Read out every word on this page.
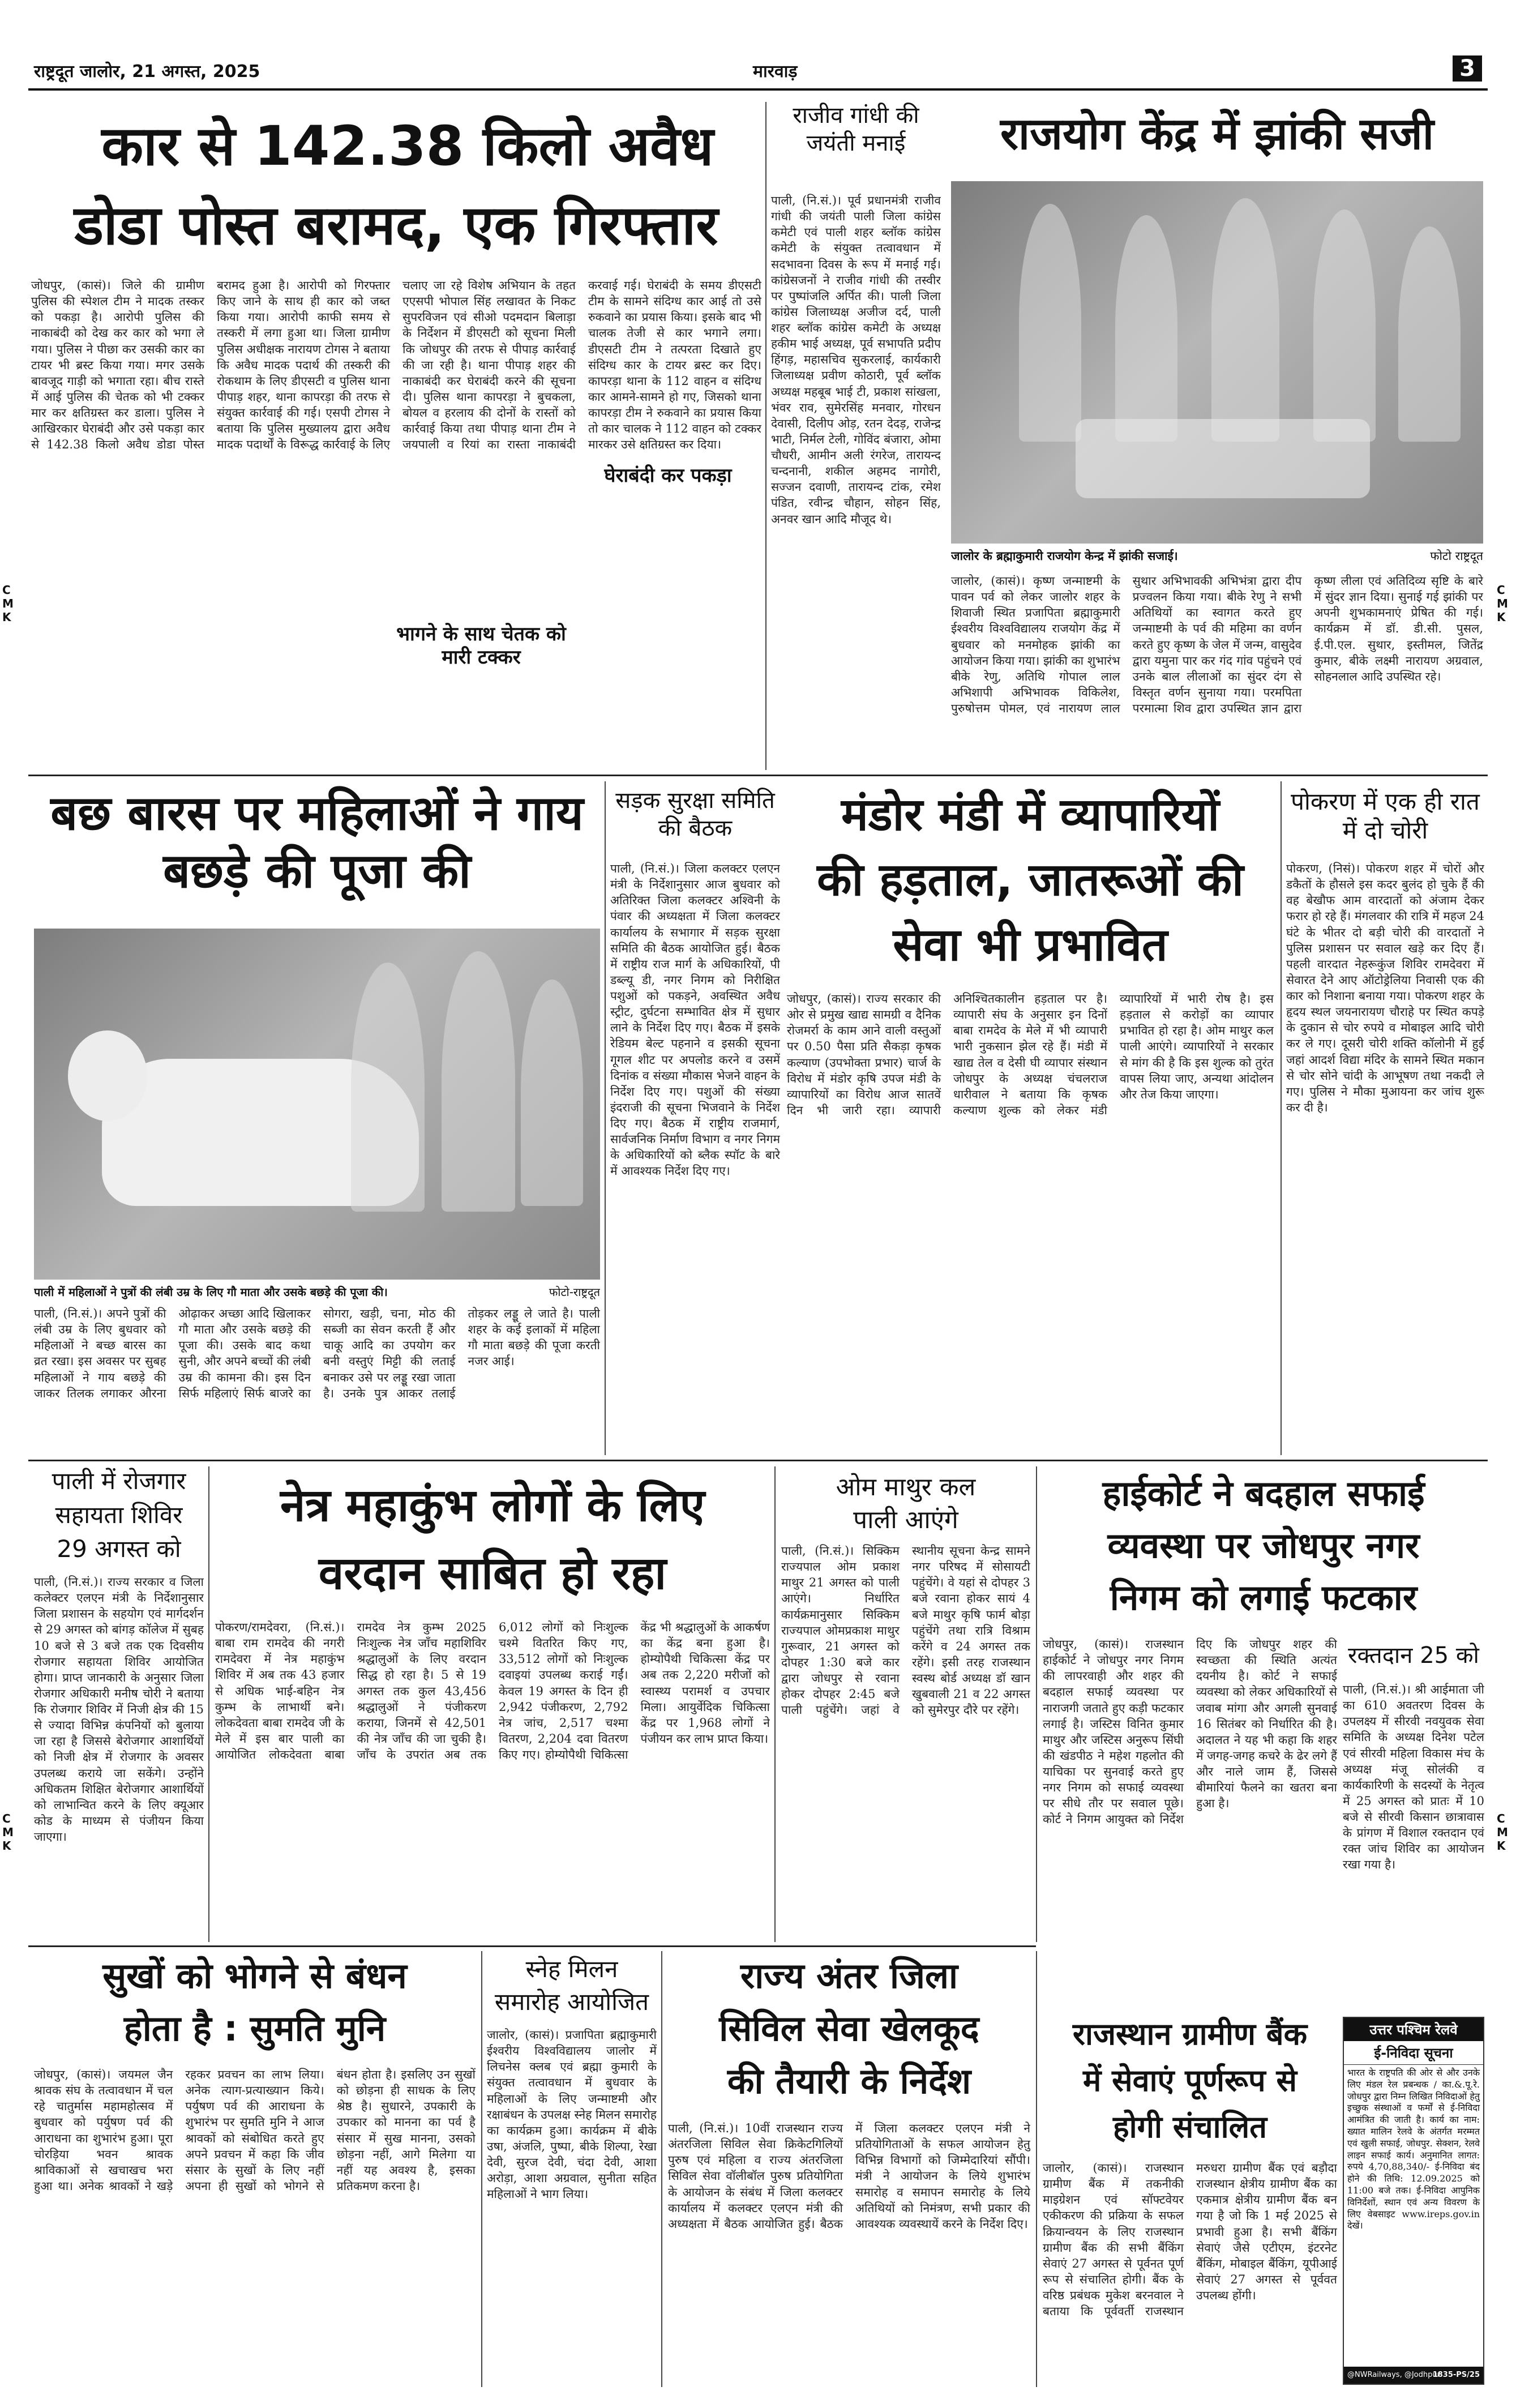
राष्ट्रदूत जालोर, 21 अगस्त, 2025	मारवाड़	3
CMK
CMK
CMK
CMK
कार से 142.38 किलो अवैध
डोडा पोस्त बरामद, एक गिरफ्तार
जोधपुर, (कासं)। जिले की ग्रामीण पुलिस की स्पेशल टीम ने मादक तस्कर को पकड़ा है। आरोपी पुलिस की नाकाबंदी को देख कर कार को भगा ले गया। पुलिस ने पीछा कर उसकी कार का टायर भी ब्रस्ट किया गया। मगर उसके बावजूद गाड़ी को भगाता रहा। बीच रास्ते में आई पुलिस की चेतक को भी टक्कर मार कर क्षतिग्रस्त कर डाला। पुलिस ने आखिरकार घेराबंदी और उसे पकड़ा कार से 142.38 किलो अवैध डोडा पोस्त बरामद हुआ है। आरोपी को गिरफ्तार किए जाने के साथ ही कार को जब्त किया गया। आरोपी काफी समय से तस्करी में लगा हुआ था। जिला ग्रामीण पुलिस अधीक्षक नारायण टोगस ने बताया कि अवैध मादक पदार्थ की तस्करी की रोकथाम के लिए डीएसटी व पुलिस थाना पीपाड़ शहर, थाना कापरड़ा की तरफ से संयुक्त कार्रवाई की गई। एसपी टोगस ने बताया कि पुलिस मुख्यालय द्वारा अवैध मादक पदार्थों के विरूद्ध कार्रवाई के लिए चलाए जा रहे विशेष अभियान के तहत एएसपी भोपाल सिंह लखावत के निकट सुपरविजन एवं सीओ पदमदान बिलाड़ा के निर्देशन में डीएसटी को सूचना मिली कि जोधपुर की तरफ से पीपाड़ कार्रवाई की जा रही है। थाना पीपाड़ शहर की नाकाबंदी कर घेराबंदी करने की सूचना दी। पुलिस थाना कापरड़ा ने बुचकला, बोयल व हरलाय की दोनों के रास्तों को कार्रवाई किया तथा पीपाड़ थाना टीम ने जयपाली व रियां का रास्ता नाकाबंदी करवाई गई। घेराबंदी के समय डीएसटी टीम के सामने संदिग्ध कार आई तो उसे रुकवाने का प्रयास किया। इसके बाद भी चालक तेजी से कार भगाने लगा। डीएसटी टीम ने तत्परता दिखाते हुए संदिग्ध कार के टायर ब्रस्ट कर दिए। कापरड़ा थाना के 112 वाहन व संदिग्ध कार आमने-सामने हो गए, जिसको थाना कापरड़ा टीम ने रुकवाने का प्रयास किया तो कार चालक ने 112 वाहन को टक्कर मारकर उसे क्षतिग्रस्त कर दिया।
भागने के साथ चेतक को मारी टक्कर
घेराबंदी कर पकड़ा
राजीव गांधी की जयंती मनाई
पाली, (नि.सं.)। पूर्व प्रधानमंत्री राजीव गांधी की जयंती पाली जिला कांग्रेस कमेटी एवं पाली शहर ब्लॉक कांग्रेस कमेटी के संयुक्त तत्वावधान में सदभावना दिवस के रूप में मनाई गई। कांग्रेसजनों ने राजीव गांधी की तस्वीर पर पुष्पांजलि अर्पित की। पाली जिला कांग्रेस जिलाध्यक्ष अजीज दर्द, पाली शहर ब्लॉक कांग्रेस कमेटी के अध्यक्ष हकीम भाई अध्यक्ष, पूर्व सभापति प्रदीप हिंगड़, महासचिव सुकरलाई, कार्यकारी जिलाध्यक्ष प्रवीण कोठारी, पूर्व ब्लॉक अध्यक्ष महबूब भाई टी, प्रकाश सांखला, भंवर राव, सुमेरसिंह मनवार, गोरधन देवासी, दिलीप ओड़, रतन देदड़, राजेन्द्र भाटी, निर्मल टेली, गोविंद बंजारा, ओमा चौधरी, आमीन अली रंगरेज, तारायन्द चन्दनानी, शकील अहमद नागोरी, सज्जन दवाणी, तारायन्द टांक, रमेश पंडित, रवीन्द्र चौहान, सोहन सिंह, अनवर खान आदि मौजूद थे।
राजयोग केंद्र में झांकी सजी
जालोर के ब्रह्माकुमारी राजयोग केन्द्र में झांकी सजाई।	फोटो राष्ट्रदूत
जालोर, (कासं)। कृष्ण जन्माष्टमी के पावन पर्व को लेकर जालोर शहर के शिवाजी स्थित प्रजापिता ब्रह्माकुमारी ईश्वरीय विश्वविद्यालय राजयोग केंद्र में बुधवार को मनमोहक झांकी का आयोजन किया गया। झांकी का शुभारंभ बीके रेणु, अतिथि गोपाल लाल अभिशापी अभिभावक विकिलेश, पुरुषोत्तम पोमल, एवं नारायण लाल सुथार अभिभावकी अभिभंत्रा द्वारा दीप प्रज्वलन किया गया। बीके रेणु ने सभी अतिथियों का स्वागत करते हुए जन्माष्टमी के पर्व की महिमा का वर्णन करते हुए कृष्ण के जेल में जन्म, वासुदेव द्वारा यमुना पार कर गंद गांव पहुंचने एवं उनके बाल लीलाओं का सुंदर दंग से विस्तृत वर्णन सुनाया गया। परमपिता परमात्मा शिव द्वारा उपस्थित ज्ञान द्वारा कृष्ण लीला एवं अतिदिव्य सृष्टि के बारे में सुंदर ज्ञान दिया। सुनाई गई झांकी पर अपनी शुभकामनाएं प्रेषित की गई। कार्यक्रम में डॉ. डी.सी. पुसल, ई.पी.एल. सुथार, इस्तीमल, जितेंद्र कुमार, बीके लक्ष्मी नारायण अग्रवाल, सोहनलाल आदि उपस्थित रहे।
बछ बारस पर महिलाओं ने गाय बछड़े की पूजा की
पाली में महिलाओं ने पुत्रों की लंबी उम्र के लिए गौ माता और उसके बछड़े की पूजा की।	फोटो-राष्ट्रदूत
पाली, (नि.सं.)। अपने पुत्रों की लंबी उम्र के लिए बुधवार को महिलाओं ने बच्छ बारस का व्रत रखा। इस अवसर पर सुबह महिलाओं ने गाय बछड़े की जाकर तिलक लगाकर औरना ओढ़ाकर अच्छा आदि खिलाकर गौ माता और उसके बछड़े की पूजा की। उसके बाद कथा सुनी, और अपने बच्चों की लंबी उम्र की कामना की। इस दिन सिर्फ महिलाएं सिर्फ बाजरे का सोगरा, खड़ी, चना, मोठ की सब्जी का सेवन करती हैं और चाकू आदि का उपयोग कर बनी वस्तुएं मिट्टी की लताई बनाकर उसे पर लड्डू रखा जाता है। उनके पुत्र आकर तलाई तोड़कर लड्डू ले जाते है। पाली शहर के कई इलाकों में महिला गौ माता बछड़े की पूजा करती नजर आई।
सड़क सुरक्षा समिति की बैठक
पाली, (नि.सं.)। जिला कलक्टर एलएन मंत्री के निर्देशानुसार आज बुधवार को अतिरिक्त जिला कलक्टर अश्विनी के पंवार की अध्यक्षता में जिला कलक्टर कार्यालय के सभागार में सड़क सुरक्षा समिति की बैठक आयोजित हुई। बैठक में राष्ट्रीय राज मार्ग के अधिकारियों, पी डब्ल्यू डी, नगर निगम को निरीक्षित पशुओं को पकड़ने, अवस्थित अवैध स्ट्रीट, दुर्घटना सम्भावित क्षेत्र में सुधार लाने के निर्देश दिए गए। बैठक में इसके रेडियम बेल्ट पहनाने व इसकी सूचना गूगल शीट पर अपलोड करने व उसमें दिनांक व संख्या मौकास भेजने वाहन के निर्देश दिए गए। पशुओं की संख्या इंदराजी की सूचना भिजवाने के निर्देश दिए गए। बैठक में राष्ट्रीय राजमार्ग, सार्वजनिक निर्माण विभाग व नगर निगम के अधिकारियों को ब्लैक स्पॉट के बारे में आवश्यक निर्देश दिए गए।
मंडोर मंडी में व्यापारियों
की हड़ताल, जातरूओं की
सेवा भी प्रभावित
जोधपुर, (कासं)। राज्य सरकार की ओर से प्रमुख खाद्य सामग्री व दैनिक रोजमर्रा के काम आने वाली वस्तुओं पर 0.50 पैसा प्रति सैकड़ा कृषक कल्याण (उपभोक्ता प्रभार) चार्ज के विरोध में मंडोर कृषि उपज मंडी के व्यापारियों का विरोध आज सातवें दिन भी जारी रहा। व्यापारी अनिश्चितकालीन हड़ताल पर है। व्यापारी संघ के अनुसार इन दिनों बाबा रामदेव के मेले में भी व्यापारी भारी नुकसान झेल रहे हैं। मंडी में खाद्य तेल व देसी घी व्यापार संस्थान जोधपुर के अध्यक्ष चंचलराज धारीवाल ने बताया कि कृषक कल्याण शुल्क को लेकर मंडी व्यापारियों में भारी रोष है। इस हड़ताल से करोड़ों का व्यापार प्रभावित हो रहा है। ओम माथुर कल पाली आएंगे। व्यापारियों ने सरकार से मांग की है कि इस शुल्क को तुरंत वापस लिया जाए, अन्यथा आंदोलन और तेज किया जाएगा।
पोकरण में एक ही रात में दो चोरी
पोकरण, (निसं)। पोकरण शहर में चोरों और डकैतों के हौसले इस कदर बुलंद हो चुके हैं की वह बेखौफ आम वारदातों को अंजाम देकर फरार हो रहे हैं। मंगलवार की रात्रि में महज 24 घंटे के भीतर दो बड़ी चोरी की वारदातों ने पुलिस प्रशासन पर सवाल खड़े कर दिए हैं। पहली वारदात नेहरूकुंज शिविर रामदेवरा में सेवारत देने आए ऑटोड्रेलिया निवासी एक की कार को निशाना बनाया गया। पोकरण शहर के हृदय स्थल जयनारायण चौराहे पर स्थित कपड़े के दुकान से चोर रुपये व मोबाइल आदि चोरी कर ले गए। दूसरी चोरी शक्ति कॉलोनी में हुई जहां आदर्श विद्या मंदिर के सामने स्थित मकान से चोर सोने चांदी के आभूषण तथा नकदी ले गए। पुलिस ने मौका मुआयना कर जांच शुरू कर दी है।
पाली में रोजगार
सहायता शिविर
29 अगस्त को
पाली, (नि.सं.)। राज्य सरकार व जिला कलेक्टर एलएन मंत्री के निर्देशानुसार जिला प्रशासन के सहयोग एवं मार्गदर्शन से 29 अगस्त को बांगड़ कॉलेज में सुबह 10 बजे से 3 बजे तक एक दिवसीय रोजगार सहायता शिविर आयोजित होगा। प्राप्त जानकारी के अनुसार जिला रोजगार अधिकारी मनीष चोरी ने बताया कि रोजगार शिविर में निजी क्षेत्र की 15 से ज्यादा विभिन्न कंपनियों को बुलाया जा रहा है जिससे बेरोजगार आशार्थियों को निजी क्षेत्र में रोजगार के अवसर उपलब्ध कराये जा सकेंगे। उन्होंने अधिकतम शिक्षित बेरोजगार आशार्थियों को लाभान्वित करने के लिए क्यूआर कोड के माध्यम से पंजीयन किया जाएगा।
नेत्र महाकुंभ लोगों के लिए
वरदान साबित हो रहा
पोकरण/रामदेवरा, (नि.सं.)। बाबा राम रामदेव की नगरी रामदेवरा में नेत्र महाकुंभ शिविर में अब तक 43 हजार से अधिक भाई-बहिन नेत्र कुम्भ के लाभार्थी बने। लोकदेवता बाबा रामदेव जी के मेले में इस बार पाली का आयोजित लोकदेवता बाबा रामदेव नेत्र कुम्भ 2025 निःशुल्क नेत्र जाँच महाशिविर श्रद्धालुओं के लिए वरदान सिद्ध हो रहा है। 5 से 19 अगस्त तक कुल 43,456 श्रद्धालुओं ने पंजीकरण कराया, जिनमें से 42,501 की नेत्र जाँच की जा चुकी है। जाँच के उपरांत अब तक 6,012 लोगों को निःशुल्क चश्मे वितरित किए गए, 33,512 लोगों को निःशुल्क दवाइयां उपलब्ध कराई गईं। केवल 19 अगस्त के दिन ही 2,942 पंजीकरण, 2,792 नेत्र जांच, 2,517 चश्मा वितरण, 2,204 दवा वितरण किए गए। होम्योपैथी चिकित्सा केंद्र भी श्रद्धालुओं के आकर्षण का केंद्र बना हुआ है। होम्योपैथी चिकित्सा केंद्र पर अब तक 2,220 मरीजों को स्वास्थ्य परामर्श व उपचार मिला। आयुर्वेदिक चिकित्सा केंद्र पर 1,968 लोगों ने पंजीयन कर लाभ प्राप्त किया।
ओम माथुर कल
पाली आएंगे
पाली, (नि.सं.)। सिक्किम राज्यपाल ओम प्रकाश माथुर 21 अगस्त को पाली आएंगे। निर्धारित कार्यक्रमानुसार सिक्किम राज्यपाल ओमप्रकाश माथुर गुरूवार, 21 अगस्त को दोपहर 1:30 बजे कार द्वारा जोधपुर से रवाना होकर दोपहर 2:45 बजे पाली पहुंचेंगे। जहां वे स्थानीय सूचना केन्द्र सामने नगर परिषद में सोसायटी पहुंचेंगे। वे यहां से दोपहर 3 बजे रवाना होकर सायं 4 बजे माथुर कृषि फार्म बोड़ा पहुंचेंगे तथा रात्रि विश्राम करेंगे व 24 अगस्त तक रहेंगे। इसी तरह राजस्थान स्वस्थ बोर्ड अध्यक्ष डॉ खान खुबवाली 21 व 22 अगस्त को सुमेरपुर दौरे पर रहेंगे।
हाईकोर्ट ने बदहाल सफाई
व्यवस्था पर जोधपुर नगर
निगम को लगाई फटकार
जोधपुर, (कासं)। राजस्थान हाईकोर्ट ने जोधपुर नगर निगम की लापरवाही और शहर की बदहाल सफाई व्यवस्था पर नाराजगी जताते हुए कड़ी फटकार लगाई है। जस्टिस विनित कुमार माथुर और जस्टिस अनुरूप सिंघी की खंडपीठ ने महेश गहलोत की याचिका पर सुनवाई करते हुए नगर निगम को सफाई व्यवस्था पर सीधे तौर पर सवाल पूछे। कोर्ट ने निगम आयुक्त को निर्देश दिए कि जोधपुर शहर की स्वच्छता की स्थिति अत्यंत दयनीय है। कोर्ट ने सफाई व्यवस्था को लेकर अधिकारियों से जवाब मांगा और अगली सुनवाई 16 सितंबर को निर्धारित की है। अदालत ने यह भी कहा कि शहर में जगह-जगह कचरे के ढेर लगे हैं और नाले जाम हैं, जिससे बीमारियां फैलने का खतरा बना हुआ है।
रक्तदान 25 को
पाली, (नि.सं.)। श्री आईमाता जी का 610 अवतरण दिवस के उपलक्ष्य में सीरवी नवयुवक सेवा समिति के अध्यक्ष दिनेश पटेल एवं सीरवी महिला विकास मंच के अध्यक्ष मंजू सोलंकी व कार्यकारिणी के सदस्यों के नेतृत्व में 25 अगस्त को प्रातः में 10 बजे से सीरवी किसान छात्रावास के प्रांगण में विशाल रक्तदान एवं रक्त जांच शिविर का आयोजन रखा गया है।
सुखों को भोगने से बंधन
होता है : सुमति मुनि
जोधपुर, (कासं)। जयमल जैन श्रावक संघ के तत्वावधान में चल रहे चातुर्मास महामहोत्सव में बुधवार को पर्युषण पर्व की आराधना का शुभारंभ हुआ। पूरा चोरड़िया भवन श्रावक श्राविकाओं से खचाखच भरा हुआ था। अनेक श्रावकों ने खड़े रहकर प्रवचन का लाभ लिया। अनेक त्याग-प्रत्याख्यान किये। पर्युषण पर्व की आराधना के शुभारंभ पर सुमति मुनि ने आज श्रावकों को संबोधित करते हुए अपने प्रवचन में कहा कि जीव संसार के सुखों के लिए नहीं अपना ही सुखों को भोगने से बंधन होता है। इसलिए उन सुखों को छोड़ना ही साधक के लिए श्रेष्ठ है। सुधारने, उपकारी के उपकार को मानना का पर्व है संसार में सुख मानना, उसको छोड़ना नहीं, आगे मिलेगा या नहीं यह अवश्य है, इसका प्रतिकमण करना है।
स्नेह मिलन
समारोह आयोजित
जालोर, (कासं)। प्रजापिता ब्रह्माकुमारी ईश्वरीय विश्वविद्यालय जालोर में लिचनेस क्लब एवं ब्रह्मा कुमारी के संयुक्त तत्वावधान में बुधवार के महिलाओं के लिए जन्माष्टमी और रक्षाबंधन के उपलक्ष स्नेह मिलन समारोह का कार्यक्रम हुआ। कार्यक्रम में बीके उषा, अंजलि, पुष्पा, बीके शिल्पा, रेखा देवी, सुरज देवी, चंदा देवी, आशा अरोड़ा, आशा अग्रवाल, सुनीता सहित महिलाओं ने भाग लिया।
राज्य अंतर जिला
सिविल सेवा खेलकूद
की तैयारी के निर्देश
पाली, (नि.सं.)। 10वीं राजस्थान राज्य अंतरजिला सिविल सेवा क्रिकेटगिलियों पुरुष एवं महिला व राज्य अंतरजिला सिविल सेवा वॉलीबॉल पुरुष प्रतियोगिता के आयोजन के संबंध में जिला कलक्टर कार्यालय में कलक्टर एलएन मंत्री की अध्यक्षता में बैठक आयोजित हुई। बैठक में जिला कलक्टर एलएन मंत्री ने प्रतियोगिताओं के सफल आयोजन हेतु विभिन्न विभागों को जिम्मेदारियां सौंपी। मंत्री ने आयोजन के लिये शुभारंभ समारोह व समापन समारोह के लिये अतिथियों को निमंत्रण, सभी प्रकार की आवश्यक व्यवस्थायें करने के निर्देश दिए।
राजस्थान ग्रामीण बैंक
में सेवाएं पूर्णरूप से
होगी संचालित
जालोर, (कासं)। राजस्थान ग्रामीण बैंक में तकनीकी माइग्रेशन एवं सॉफ्टवेयर एकीकरण की प्रक्रिया के सफल क्रियान्वयन के लिए राजस्थान ग्रामीण बैंक की सभी बैंकिंग सेवाएं 27 अगस्त से पूर्वनत पूर्ण रूप से संचालित होगी। बैंक के वरिष्ठ प्रबंधक मुकेश बरनवाल ने बताया कि पूर्ववर्ती राजस्थान मरुधरा ग्रामीण बैंक एवं बड़ौदा राजस्थान क्षेत्रीय ग्रामीण बैंक का एकमात्र क्षेत्रीय ग्रामीण बैंक बन गया है जो कि 1 मई 2025 से प्रभावी हुआ है। सभी बैंकिंग सेवाएं जैसे एटीएम, इंटरनेट बैंकिंग, मोबाइल बैंकिंग, यूपीआई सेवाएं 27 अगस्त से पूर्ववत उपलब्ध होंगी।
उत्तर पश्चिम रेलवे
ई-निविदा सूचना
भारत के राष्ट्रपति की ओर से और उनके लिए मंडल रेल प्रबन्धक / का.&.पू.रे. जोधपुर द्वारा निम्न लिखित निविदाओं हेतु इच्छुक संस्थाओं व फर्मों से ई-निविदा आमंत्रित की जाती है। कार्य का नाम: ख्यात मालिन रेलवे के अंतर्गत मरम्मत एवं खुली सफाई, जोधपुर. सेक्शन, रेलवे लाइन सफाई कार्य। अनुमानित लागत: रुपये 4,70,88,340/- ई-निविदा बंद होने की तिथि: 12.09.2025 को 11:00 बजे तक। ई-निविदा आपुनिक विनिर्देशों, स्थान एवं अन्य विवरण के लिए वेबसाइट www.ireps.gov.in देखें।
@NWRailways, @Jodhpur
1835-PS/25
